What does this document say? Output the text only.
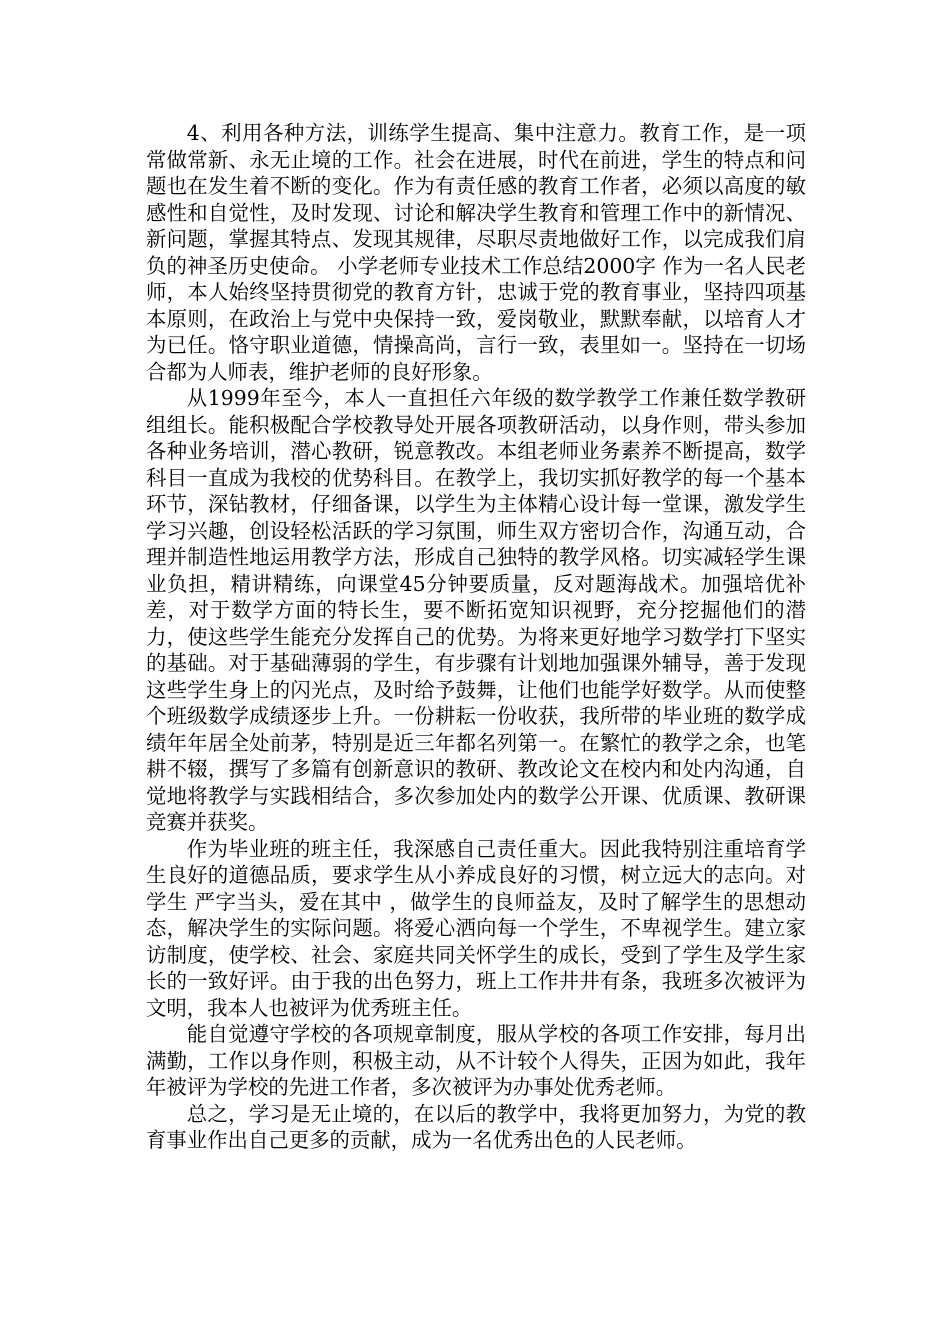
4、利用各种方法，训练学生提高、集中注意力。教育工作，是一项常做常新、永无止境的工作。社会在进展，时代在前进，学生的特点和问题也在发生着不断的变化。作为有责任感的教育工作者，必须以高度的敏感性和自觉性，及时发现、讨论和解决学生教育和管理工作中的新情况、新问题，掌握其特点、发现其规律，尽职尽责地做好工作，以完成我们肩负的神圣历史使命。 小学老师专业技术工作总结2000字 作为一名人民老师，本人始终坚持贯彻党的教育方针，忠诚于党的教育事业，坚持四项基本原则，在政治上与党中央保持一致，爱岗敬业，默默奉献，以培育人才为已任。恪守职业道德，情操高尚，言行一致，表里如一。坚持在一切场合都为人师表，维护老师的良好形象。

从1999年至今，本人一直担任六年级的数学教学工作兼任数学教研组组长。能积极配合学校教导处开展各项教研活动，以身作则，带头参加各种业务培训，潜心教研，锐意教改。本组老师业务素养不断提高，数学科目一直成为我校的优势科目。在教学上，我切实抓好教学的每一个基本环节，深钻教材，仔细备课，以学生为主体精心设计每一堂课，激发学生学习兴趣，创设轻松活跃的学习氛围，师生双方密切合作，沟通互动，合理并制造性地运用教学方法，形成自己独特的教学风格。切实减轻学生课业负担，精讲精练，向课堂45分钟要质量，反对题海战术。加强培优补差，对于数学方面的特长生，要不断拓宽知识视野，充分挖掘他们的潜力，使这些学生能充分发挥自己的优势。为将来更好地学习数学打下坚实的基础。对于基础薄弱的学生，有步骤有计划地加强课外辅导，善于发现这些学生身上的闪光点，及时给予鼓舞，让他们也能学好数学。从而使整个班级数学成绩逐步上升。一份耕耘一份收获，我所带的毕业班的数学成绩年年居全处前茅，特别是近三年都名列第一。在繁忙的教学之余，也笔耕不辍，撰写了多篇有创新意识的教研、教改论文在校内和处内沟通，自觉地将教学与实践相结合，多次参加处内的数学公开课、优质课、教研课竞赛并获奖。

作为毕业班的班主任，我深感自己责任重大。因此我特别注重培育学生良好的道德品质，要求学生从小养成良好的习惯，树立远大的志向。对学生 严字当头，爱在其中 ，做学生的良师益友，及时了解学生的思想动态，解决学生的实际问题。将爱心洒向每一个学生，不卑视学生。建立家访制度，使学校、社会、家庭共同关怀学生的成长，受到了学生及学生家长的一致好评。由于我的出色努力，班上工作井井有条，我班多次被评为文明，我本人也被评为优秀班主任。

能自觉遵守学校的各项规章制度，服从学校的各项工作安排，每月出满勤，工作以身作则，积极主动，从不计较个人得失，正因为如此，我年年被评为学校的先进工作者，多次被评为办事处优秀老师。

总之，学习是无止境的，在以后的教学中，我将更加努力，为党的教育事业作出自己更多的贡献，成为一名优秀出色的人民老师。
